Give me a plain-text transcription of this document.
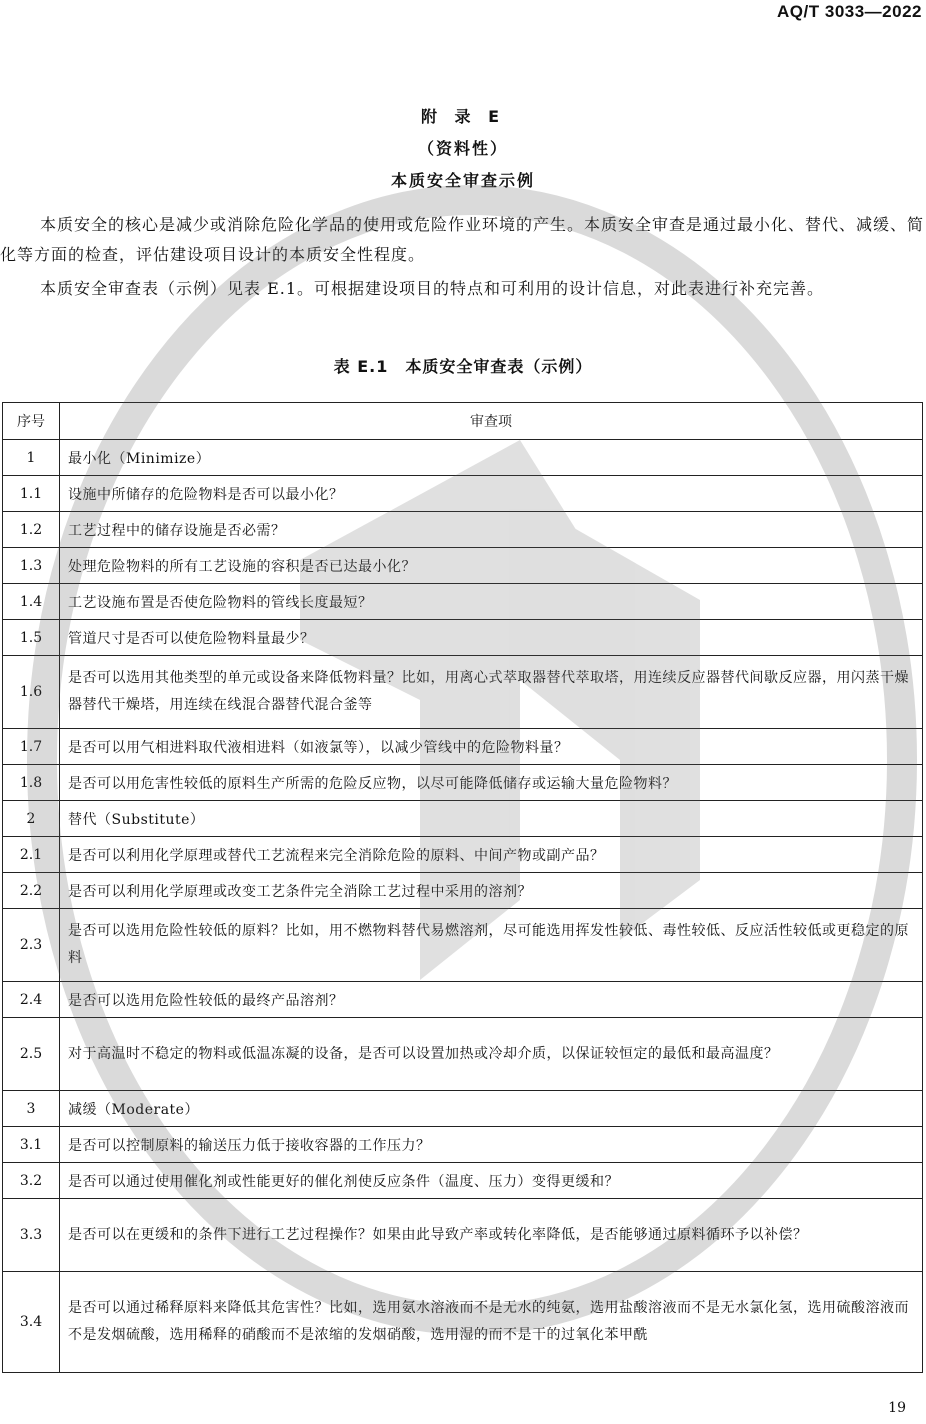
AQ/T 3033—2022
附 录 E
（资料性）
本质安全审查示例

本质安全的核心是减少或消除危险化学品的使用或危险作业环境的产生。本质安全审查是通过最小化、替代、减缓、简化等方面的检查，评估建设项目设计的本质安全性程度。

本质安全审查表（示例）见表 E.1。可根据建设项目的特点和可利用的设计信息，对此表进行补充完善。

表 E.1　本质安全审查表（示例）
序号	审查项
1	最小化（Minimize）
1.1	设施中所储存的危险物料是否可以最小化？
1.2	工艺过程中的储存设施是否必需？
1.3	处理危险物料的所有工艺设施的容积是否已达最小化？
1.4	工艺设施布置是否使危险物料的管线长度最短？
1.5	管道尺寸是否可以使危险物料量最少？
1.6	是否可以选用其他类型的单元或设备来降低物料量？比如，用离心式萃取器替代萃取塔，用连续反应器替代间歇反应器，用闪蒸干燥器替代干燥塔，用连续在线混合器替代混合釜等
1.7	是否可以用气相进料取代液相进料（如液氯等），以减少管线中的危险物料量？
1.8	是否可以用危害性较低的原料生产所需的危险反应物，以尽可能降低储存或运输大量危险物料？
2	替代（Substitute）
2.1	是否可以利用化学原理或替代工艺流程来完全消除危险的原料、中间产物或副产品？
2.2	是否可以利用化学原理或改变工艺条件完全消除工艺过程中采用的溶剂？
2.3	是否可以选用危险性较低的原料？比如，用不燃物料替代易燃溶剂，尽可能选用挥发性较低、毒性较低、反应活性较低或更稳定的原料
2.4	是否可以选用危险性较低的最终产品溶剂？
2.5	对于高温时不稳定的物料或低温冻凝的设备，是否可以设置加热或冷却介质，以保证较恒定的最低和最高温度？
3	减缓（Moderate）
3.1	是否可以控制原料的输送压力低于接收容器的工作压力？
3.2	是否可以通过使用催化剂或性能更好的催化剂使反应条件（温度、压力）变得更缓和？
3.3	是否可以在更缓和的条件下进行工艺过程操作？如果由此导致产率或转化率降低，是否能够通过原料循环予以补偿？
3.4	是否可以通过稀释原料来降低其危害性？比如，选用氨水溶液而不是无水的纯氨，选用盐酸溶液而不是无水氯化氢，选用硫酸溶液而不是发烟硫酸，选用稀释的硝酸而不是浓缩的发烟硝酸，选用湿的而不是干的过氧化苯甲酰
19
